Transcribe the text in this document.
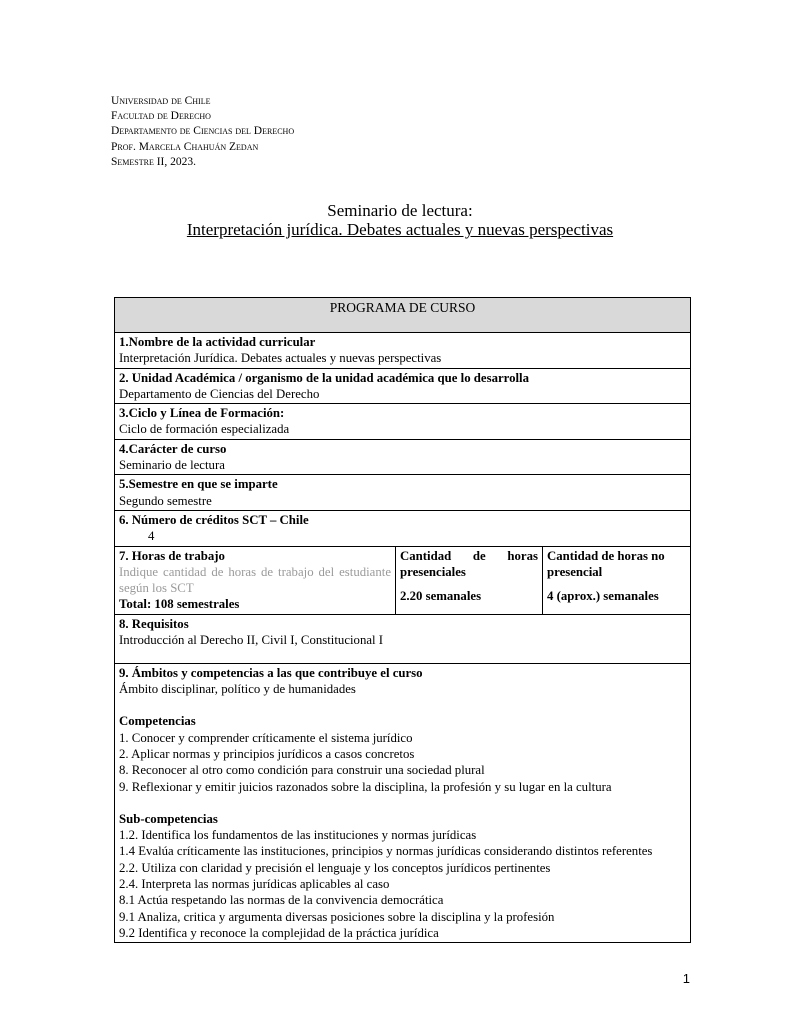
Universidad de Chile
Facultad de Derecho
Departamento de Ciencias del Derecho
Prof. Marcela Chahuán Zedan
Semestre II, 2023.
Seminario de lectura:
Interpretación jurídica. Debates actuales y nuevas perspectivas
PROGRAMA DE CURSO

1.Nombre de la actividad curricular
Interpretación Jurídica. Debates actuales y nuevas perspectivas

2. Unidad Académica / organismo de la unidad académica que lo desarrolla
Departamento de Ciencias del Derecho

3.Ciclo y Línea de Formación:
Ciclo de formación especializada

4.Carácter de curso
Seminario de lectura

5.Semestre en que se imparte
Segundo semestre

6. Número de créditos SCT – Chile
4

7. Horas de trabajo
Indique cantidad de horas de trabajo del estudiante según los SCT
Total: 108 semestrales

Cantidad de horas presenciales
2.20 semanales

Cantidad de horas no presencial
4 (aprox.) semanales

8. Requisitos
Introducción al Derecho II, Civil I, Constitucional I

9. Ámbitos y competencias a las que contribuye el curso
Ámbito disciplinar, político y de humanidades
Competencias
1. Conocer y comprender críticamente el sistema jurídico
2. Aplicar normas y principios jurídicos a casos concretos
8. Reconocer al otro como condición para construir una sociedad plural
9. Reflexionar y emitir juicios razonados sobre la disciplina, la profesión y su lugar en la cultura
Sub-competencias
1.2. Identifica los fundamentos de las instituciones y normas jurídicas
1.4 Evalúa críticamente las instituciones, principios y normas jurídicas considerando distintos referentes
2.2. Utiliza con claridad y precisión el lenguaje y los conceptos jurídicos pertinentes
2.4. Interpreta las normas jurídicas aplicables al caso
8.1 Actúa respetando las normas de la convivencia democrática
9.1 Analiza, critica y argumenta diversas posiciones sobre la disciplina y la profesión
9.2 Identifica y reconoce la complejidad de la práctica jurídica
1
